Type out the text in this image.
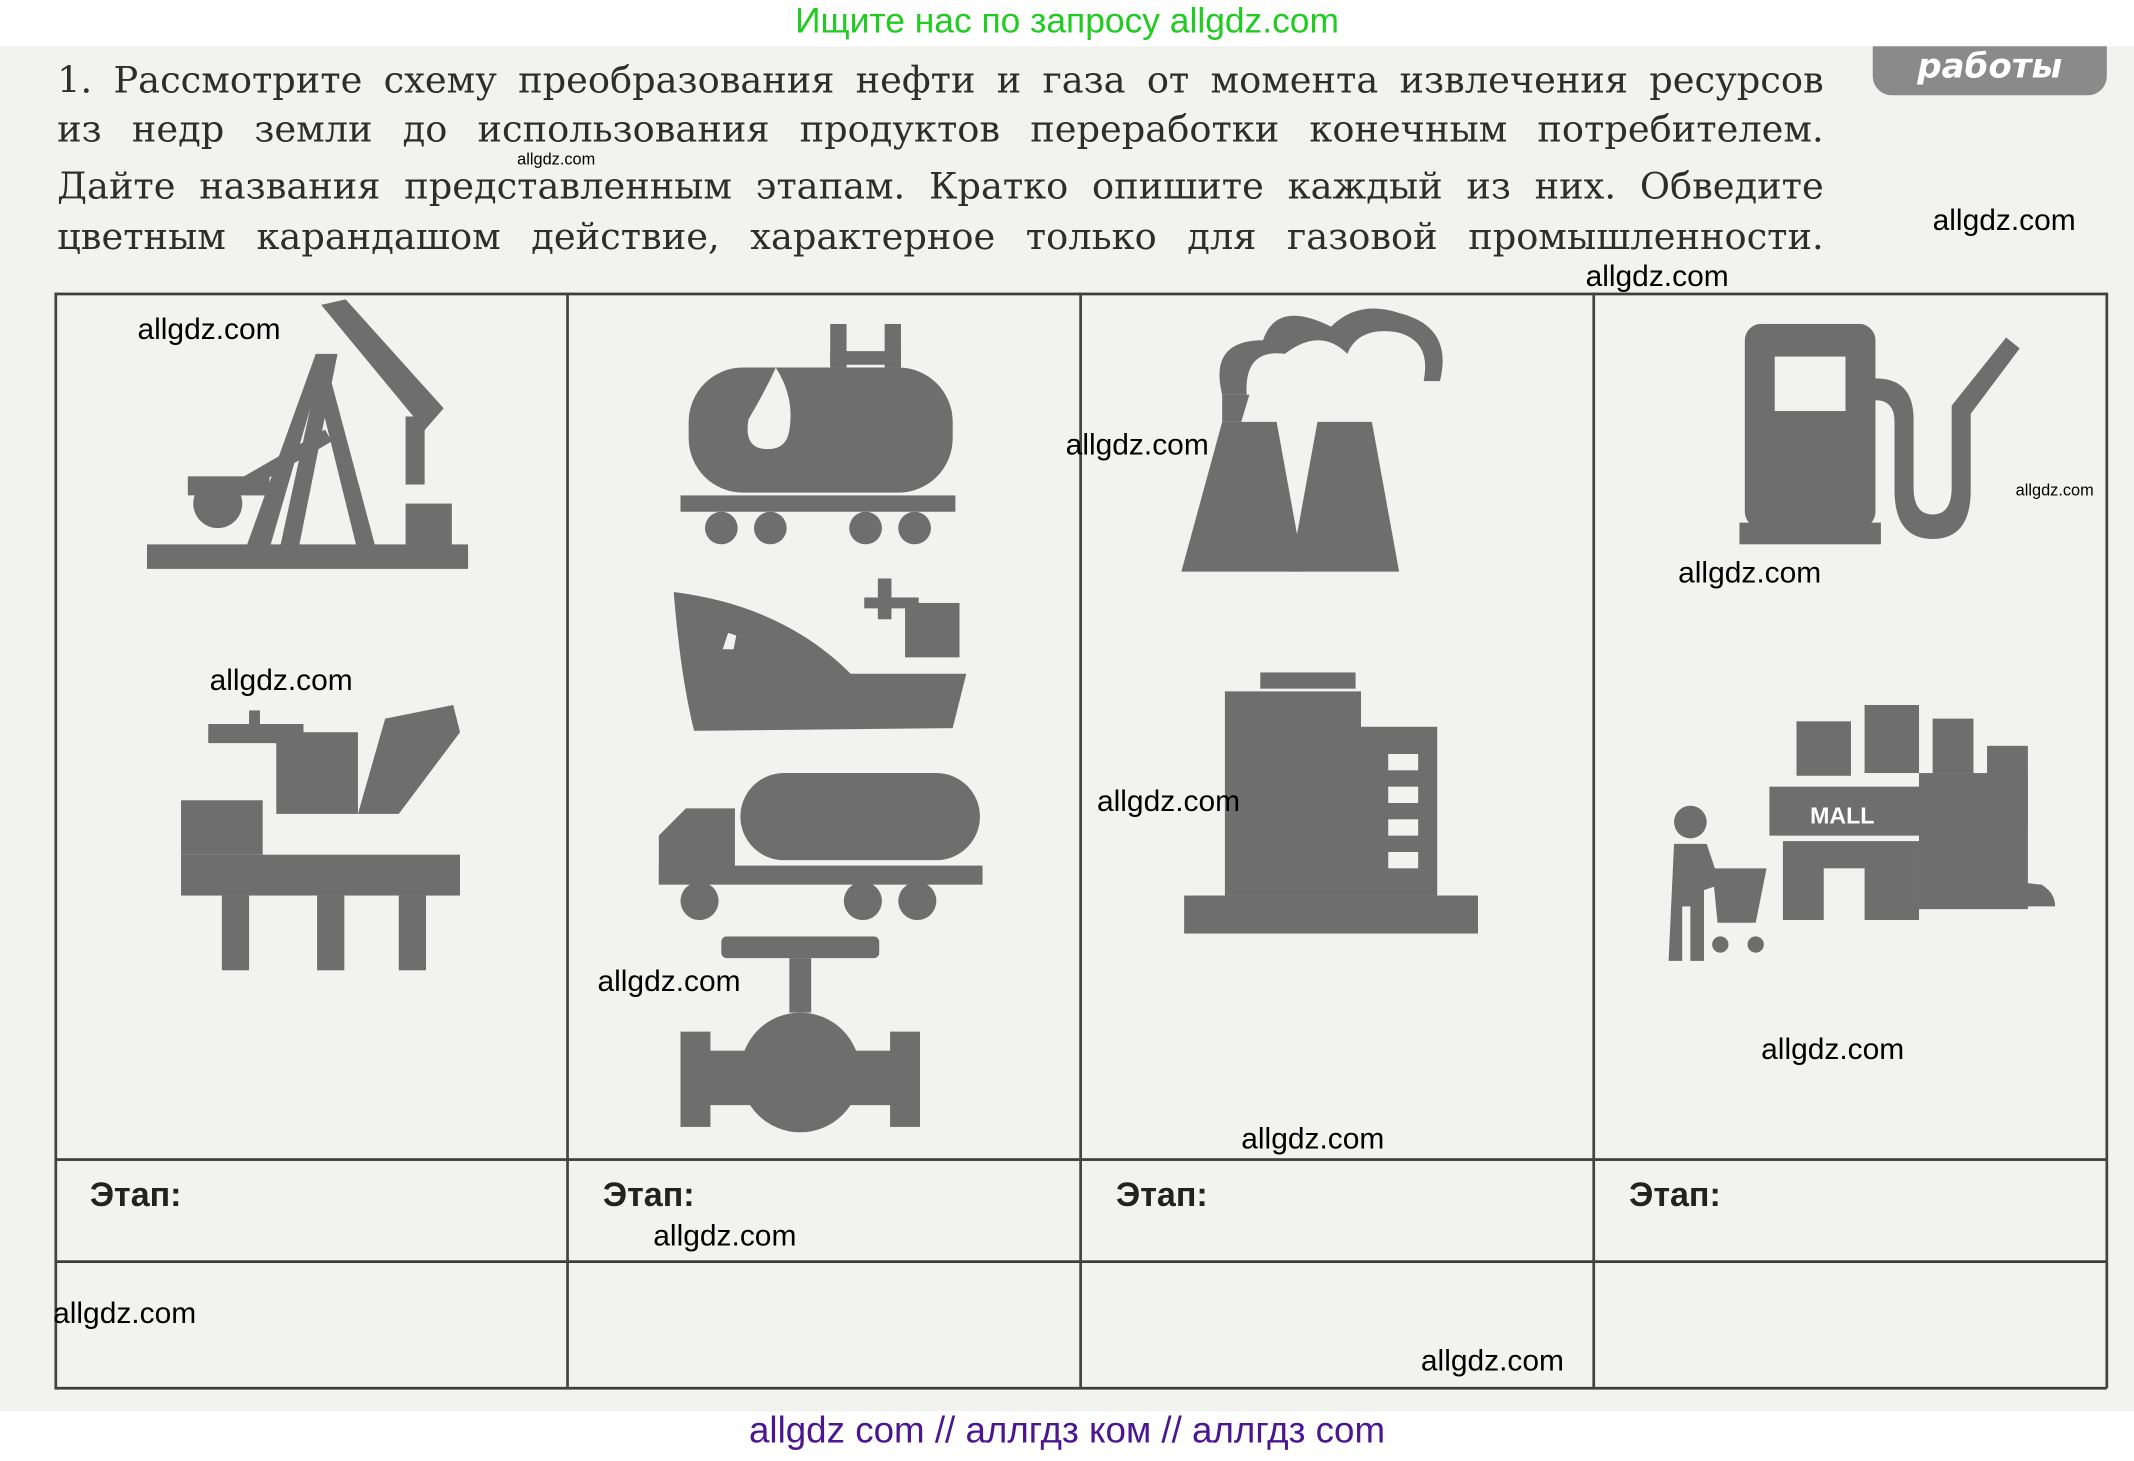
Ищите нас по запросу allgdz.com
работы
1. Рассмотрите схему преобразования нефти и газа от момента извлечения ресурсов
из недр земли до использования продуктов переработки конечным потребителем.
Дайте названия представленным этапам. Кратко опишите каждый из них. Обведите
цветным карандашом действие, характерное только для газовой промышленности.
Этап:	Этап:	Этап:	Этап:
MALL
allgdz.com
allgdz.com
allgdz.com
allgdz.com
allgdz.com
allgdz.com
allgdz.com
allgdz.com
allgdz.com
allgdz.com
allgdz.com
allgdz.com
allgdz.com
allgdz.com
allgdz.com
allgdz com // аллгдз ком // аллгдз com
